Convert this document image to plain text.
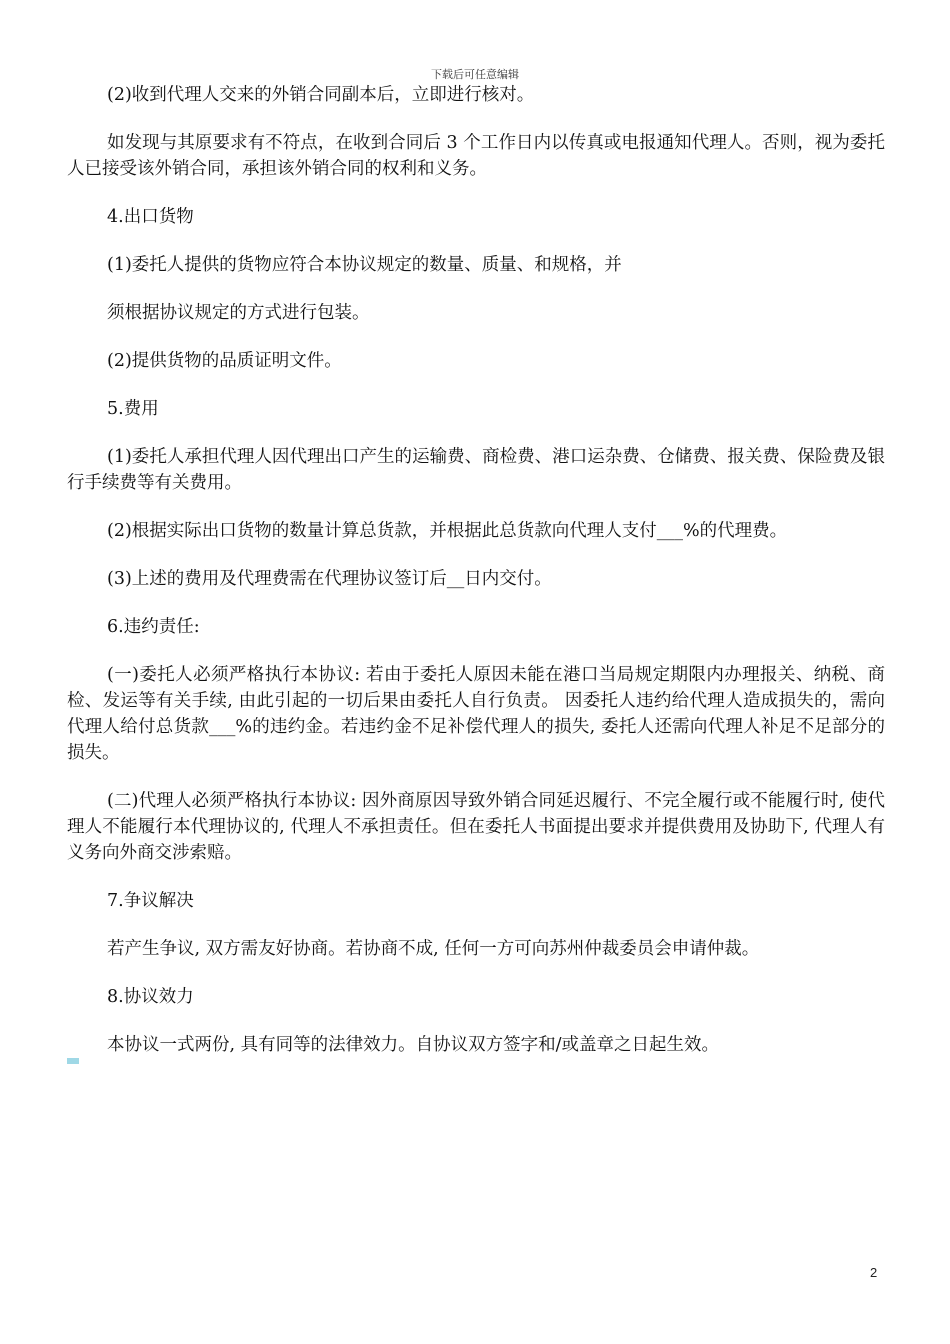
下载后可任意编辑

(2)收到代理人交来的外销合同副本后，立即进行核对。

如发现与其原要求有不符点，在收到合同后 3 个工作日内以传真或电报通知代理人。否则，视为委托人已接受该外销合同，承担该外销合同的权利和义务。

4.出口货物

(1)委托人提供的货物应符合本协议规定的数量、质量、和规格，并

须根据协议规定的方式进行包装。

(2)提供货物的品质证明文件。

5.费用

(1)委托人承担代理人因代理出口产生的运输费、商检费、港口运杂费、仓储费、报关费、保险费及银行手续费等有关费用。

(2)根据实际出口货物的数量计算总货款，并根据此总货款向代理人支付___%的代理费。

(3)上述的费用及代理费需在代理协议签订后__日内交付。

6.违约责任:

(一)委托人必须严格执行本协议: 若由于委托人原因未能在港口当局规定期限内办理报关、纳税、商检、发运等有关手续, 由此引起的一切后果由委托人自行负责。 因委托人违约给代理人造成损失的，需向代理人给付总货款___%的违约金。若违约金不足补偿代理人的损失, 委托人还需向代理人补足不足部分的损失。

(二)代理人必须严格执行本协议: 因外商原因导致外销合同延迟履行、不完全履行或不能履行时, 使代理人不能履行本代理协议的, 代理人不承担责任。但在委托人书面提出要求并提供费用及协助下, 代理人有义务向外商交涉索赔。

7.争议解决

若产生争议, 双方需友好协商。若协商不成, 任何一方可向苏州仲裁委员会申请仲裁。

8.协议效力

本协议一式两份, 具有同等的法律效力。自协议双方签字和/或盖章之日起生效。

2
